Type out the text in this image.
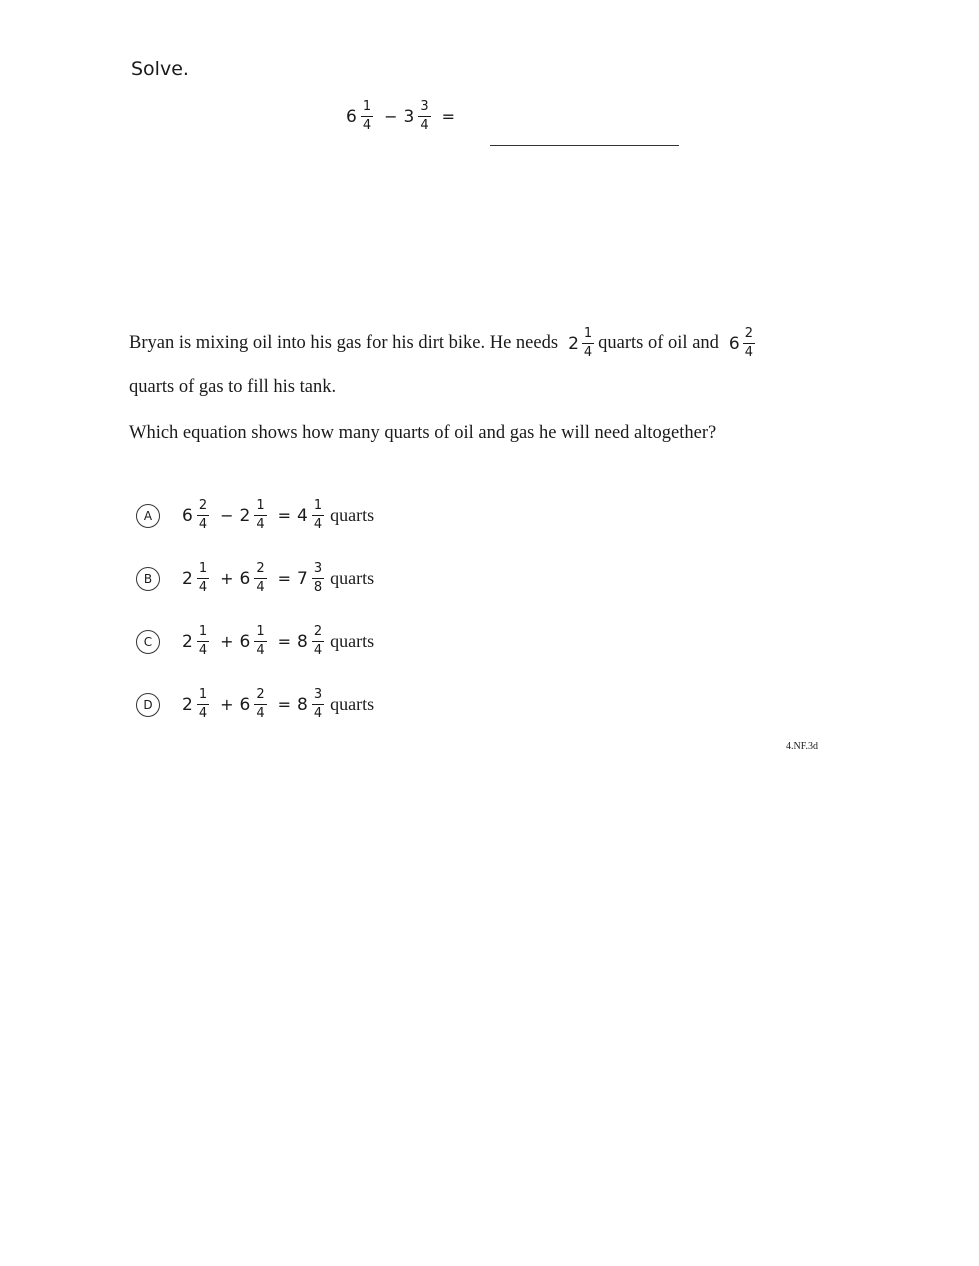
Solve.
$6 \frac{1}{4} - 3 \frac{3}{4}$ =
Bryan is mixing oil into his gas for his dirt bike. He needs $2 \frac{1}{4}$ quarts of oil and $6 \frac{2}{4}$
quarts of gas to fill his tank.
Which equation shows how many quarts of oil and gas he will need altogether?
A	$6 \frac{2}{4} - 2 \frac{1}{4} = 4 \frac{1}{4}$ quarts
B	$2 \frac{1}{4} + 6 \frac{2}{4} = 7 \frac{3}{8}$ quarts
C	$2 \frac{1}{4} + 6 \frac{1}{4} = 8 \frac{2}{4}$ quarts
D	$2 \frac{1}{4} + 6 \frac{2}{4} = 8 \frac{3}{4}$ quarts
4.NF.3d
